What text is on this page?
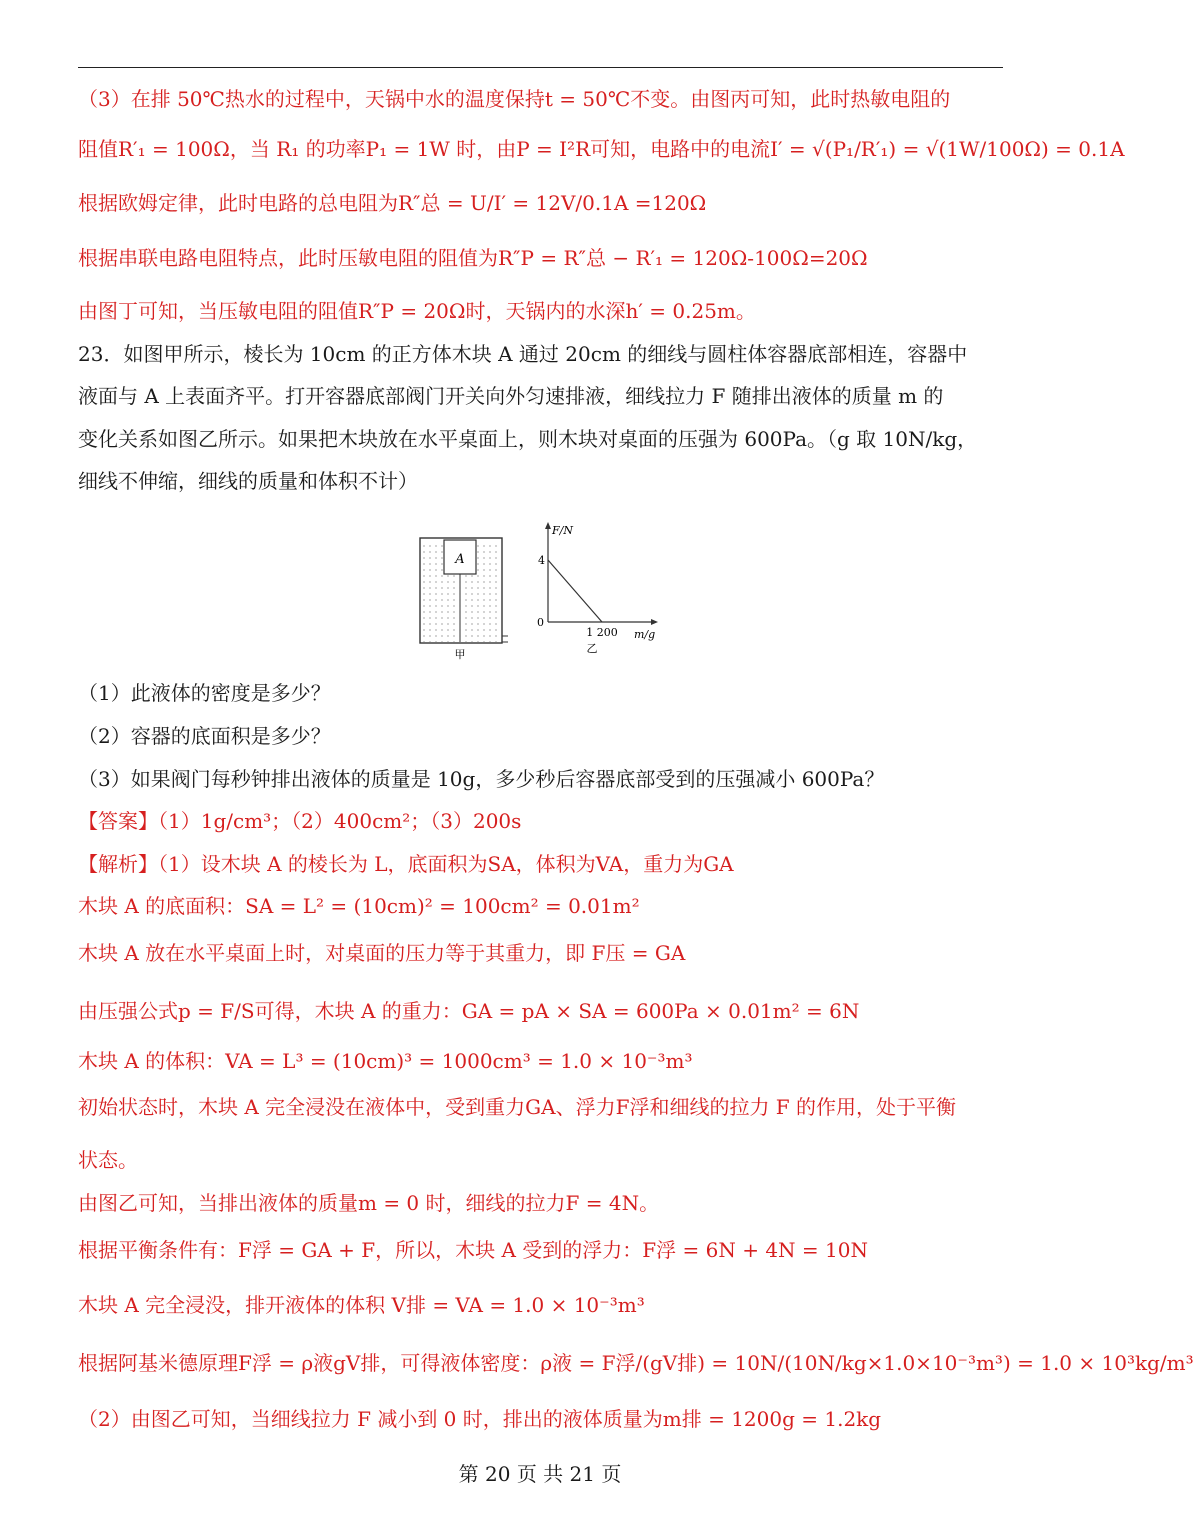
（3）在排 50℃热水的过程中，天锅中水的温度保持t = 50℃不变。由图丙可知，此时热敏电阻的
阻值R′₁ = 100Ω，当 R₁ 的功率P₁ = 1W 时，由P = I²R可知，电路中的电流I′ = √(P₁/R′₁) = √(1W/100Ω) = 0.1A
根据欧姆定律，此时电路的总电阻为R″总 = U/I′ = 12V/0.1A =120Ω
根据串联电路电阻特点，此时压敏电阻的阻值为R″P = R″总 − R′₁ = 120Ω-100Ω=20Ω
由图丁可知，当压敏电阻的阻值R″P = 20Ω时，天锅内的水深h′ = 0.25m。
23．如图甲所示，棱长为 10cm 的正方体木块 A 通过 20cm 的细线与圆柱体容器底部相连，容器中
液面与 A 上表面齐平。打开容器底部阀门开关向外匀速排液，细线拉力 F 随排出液体的质量 m 的
变化关系如图乙所示。如果把木块放在水平桌面上，则木块对桌面的压强为 600Pa。（g 取 10N/kg，
细线不伸缩，细线的质量和体积不计）
A
甲
F/N
4
0
1 200 m/g
乙
（1）此液体的密度是多少？
（2）容器的底面积是多少？
（3）如果阀门每秒钟排出液体的质量是 10g，多少秒后容器底部受到的压强减小 600Pa？
【答案】（1）1g/cm³；（2）400cm²；（3）200s
【解析】（1）设木块 A 的棱长为 L，底面积为SA，体积为VA，重力为GA
木块 A 的底面积：SA = L² = (10cm)² = 100cm² = 0.01m²
木块 A 放在水平桌面上时，对桌面的压力等于其重力，即 F压 = GA
由压强公式p = F/S可得，木块 A 的重力：GA = pA × SA = 600Pa × 0.01m² = 6N
木块 A 的体积：VA = L³ = (10cm)³ = 1000cm³ = 1.0 × 10⁻³m³
初始状态时，木块 A 完全浸没在液体中，受到重力GA、浮力F浮和细线的拉力 F 的作用，处于平衡
状态。
由图乙可知，当排出液体的质量m = 0 时，细线的拉力F = 4N。
根据平衡条件有：F浮 = GA + F，所以，木块 A 受到的浮力：F浮 = 6N + 4N = 10N
木块 A 完全浸没，排开液体的体积 V排 = VA = 1.0 × 10⁻³m³
根据阿基米德原理F浮 = ρ液gV排，可得液体密度：ρ液 = F浮/(gV排) = 10N/(10N/kg×1.0×10⁻³m³) = 1.0 × 10³kg/m³
（2）由图乙可知，当细线拉力 F 减小到 0 时，排出的液体质量为m排 = 1200g = 1.2kg
第 20 页 共 21 页
